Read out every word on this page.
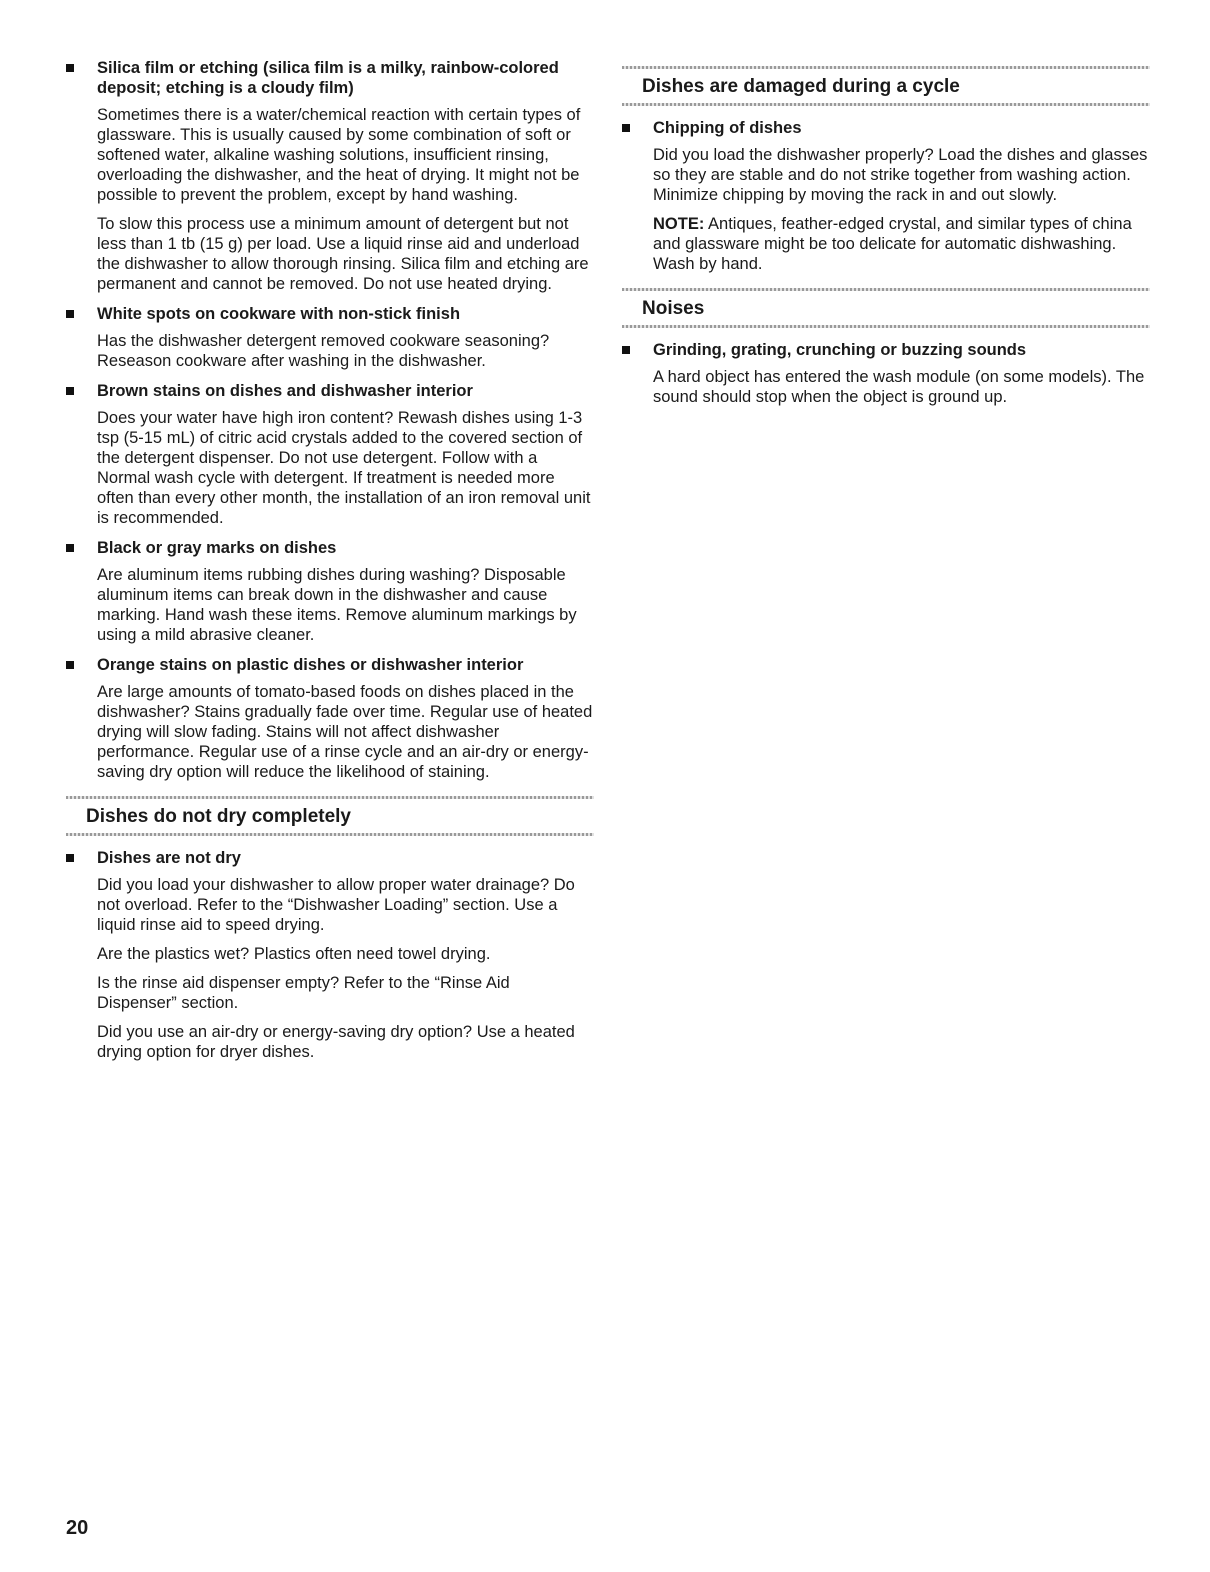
Silica film or etching (silica film is a milky, rainbow-colored deposit; etching is a cloudy film)

Sometimes there is a water/chemical reaction with certain types of glassware. This is usually caused by some combination of soft or softened water, alkaline washing solutions, insufficient rinsing, overloading the dishwasher, and the heat of drying. It might not be possible to prevent the problem, except by hand washing.

To slow this process use a minimum amount of detergent but not less than 1 tb (15 g) per load. Use a liquid rinse aid and underload the dishwasher to allow thorough rinsing. Silica film and etching are permanent and cannot be removed. Do not use heated drying.

White spots on cookware with non-stick finish

Has the dishwasher detergent removed cookware seasoning? Reseason cookware after washing in the dishwasher.

Brown stains on dishes and dishwasher interior

Does your water have high iron content? Rewash dishes using 1-3 tsp (5-15 mL) of citric acid crystals added to the covered section of the detergent dispenser. Do not use detergent. Follow with a Normal wash cycle with detergent. If treatment is needed more often than every other month, the installation of an iron removal unit is recommended.

Black or gray marks on dishes

Are aluminum items rubbing dishes during washing? Disposable aluminum items can break down in the dishwasher and cause marking. Hand wash these items. Remove aluminum markings by using a mild abrasive cleaner.

Orange stains on plastic dishes or dishwasher interior

Are large amounts of tomato-based foods on dishes placed in the dishwasher? Stains gradually fade over time. Regular use of heated drying will slow fading. Stains will not affect dishwasher performance. Regular use of a rinse cycle and an air-dry or energy-saving dry option will reduce the likelihood of staining.

Dishes do not dry completely
Dishes are not dry

Did you load your dishwasher to allow proper water drainage? Do not overload. Refer to the “Dishwasher Loading” section. Use a liquid rinse aid to speed drying.

Are the plastics wet? Plastics often need towel drying.

Is the rinse aid dispenser empty? Refer to the “Rinse Aid Dispenser” section.

Did you use an air-dry or energy-saving dry option? Use a heated drying option for dryer dishes.

Dishes are damaged during a cycle
Chipping of dishes

Did you load the dishwasher properly? Load the dishes and glasses so they are stable and do not strike together from washing action. Minimize chipping by moving the rack in and out slowly.

NOTE: Antiques, feather-edged crystal, and similar types of china and glassware might be too delicate for automatic dishwashing. Wash by hand.

Noises
Grinding, grating, crunching or buzzing sounds

A hard object has entered the wash module (on some models). The sound should stop when the object is ground up.

20
